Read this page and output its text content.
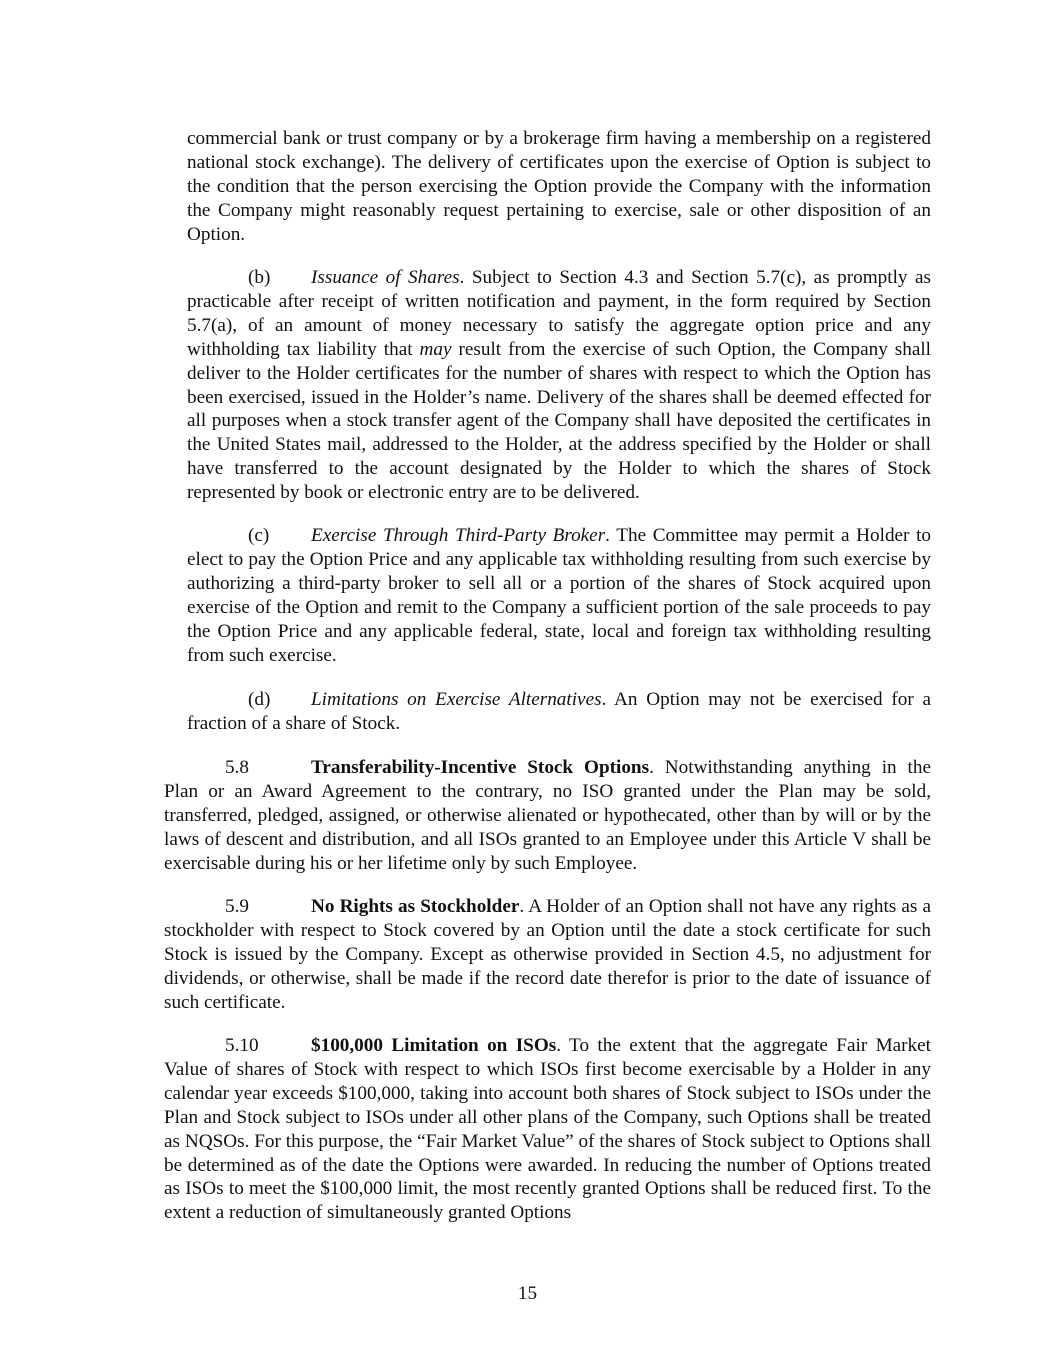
commercial bank or trust company or by a brokerage firm having a membership on a registered national stock exchange). The delivery of certificates upon the exercise of Option is subject to the condition that the person exercising the Option provide the Company with the information the Company might reasonably request pertaining to exercise, sale or other disposition of an Option.

(b) Issuance of Shares. Subject to Section 4.3 and Section 5.7(c), as promptly as practicable after receipt of written notification and payment, in the form required by Section 5.7(a), of an amount of money necessary to satisfy the aggregate option price and any withholding tax liability that may result from the exercise of such Option, the Company shall deliver to the Holder certificates for the number of shares with respect to which the Option has been exercised, issued in the Holder’s name. Delivery of the shares shall be deemed effected for all purposes when a stock transfer agent of the Company shall have deposited the certificates in the United States mail, addressed to the Holder, at the address specified by the Holder or shall have transferred to the account designated by the Holder to which the shares of Stock represented by book or electronic entry are to be delivered.

(c) Exercise Through Third-Party Broker. The Committee may permit a Holder to elect to pay the Option Price and any applicable tax withholding resulting from such exercise by authorizing a third-party broker to sell all or a portion of the shares of Stock acquired upon exercise of the Option and remit to the Company a sufficient portion of the sale proceeds to pay the Option Price and any applicable federal, state, local and foreign tax withholding resulting from such exercise.

(d) Limitations on Exercise Alternatives. An Option may not be exercised for a fraction of a share of Stock.

5.8	Transferability-Incentive Stock Options. Notwithstanding anything in the Plan or an Award Agreement to the contrary, no ISO granted under the Plan may be sold, transferred, pledged, assigned, or otherwise alienated or hypothecated, other than by will or by the laws of descent and distribution, and all ISOs granted to an Employee under this Article V shall be exercisable during his or her lifetime only by such Employee.

5.9	No Rights as Stockholder. A Holder of an Option shall not have any rights as a stockholder with respect to Stock covered by an Option until the date a stock certificate for such Stock is issued by the Company. Except as otherwise provided in Section 4.5, no adjustment for dividends, or otherwise, shall be made if the record date therefor is prior to the date of issuance of such certificate.

5.10	$100,000 Limitation on ISOs. To the extent that the aggregate Fair Market Value of shares of Stock with respect to which ISOs first become exercisable by a Holder in any calendar year exceeds $100,000, taking into account both shares of Stock subject to ISOs under the Plan and Stock subject to ISOs under all other plans of the Company, such Options shall be treated as NQSOs. For this purpose, the “Fair Market Value” of the shares of Stock subject to Options shall be determined as of the date the Options were awarded. In reducing the number of Options treated as ISOs to meet the $100,000 limit, the most recently granted Options shall be reduced first. To the extent a reduction of simultaneously granted Options

15
